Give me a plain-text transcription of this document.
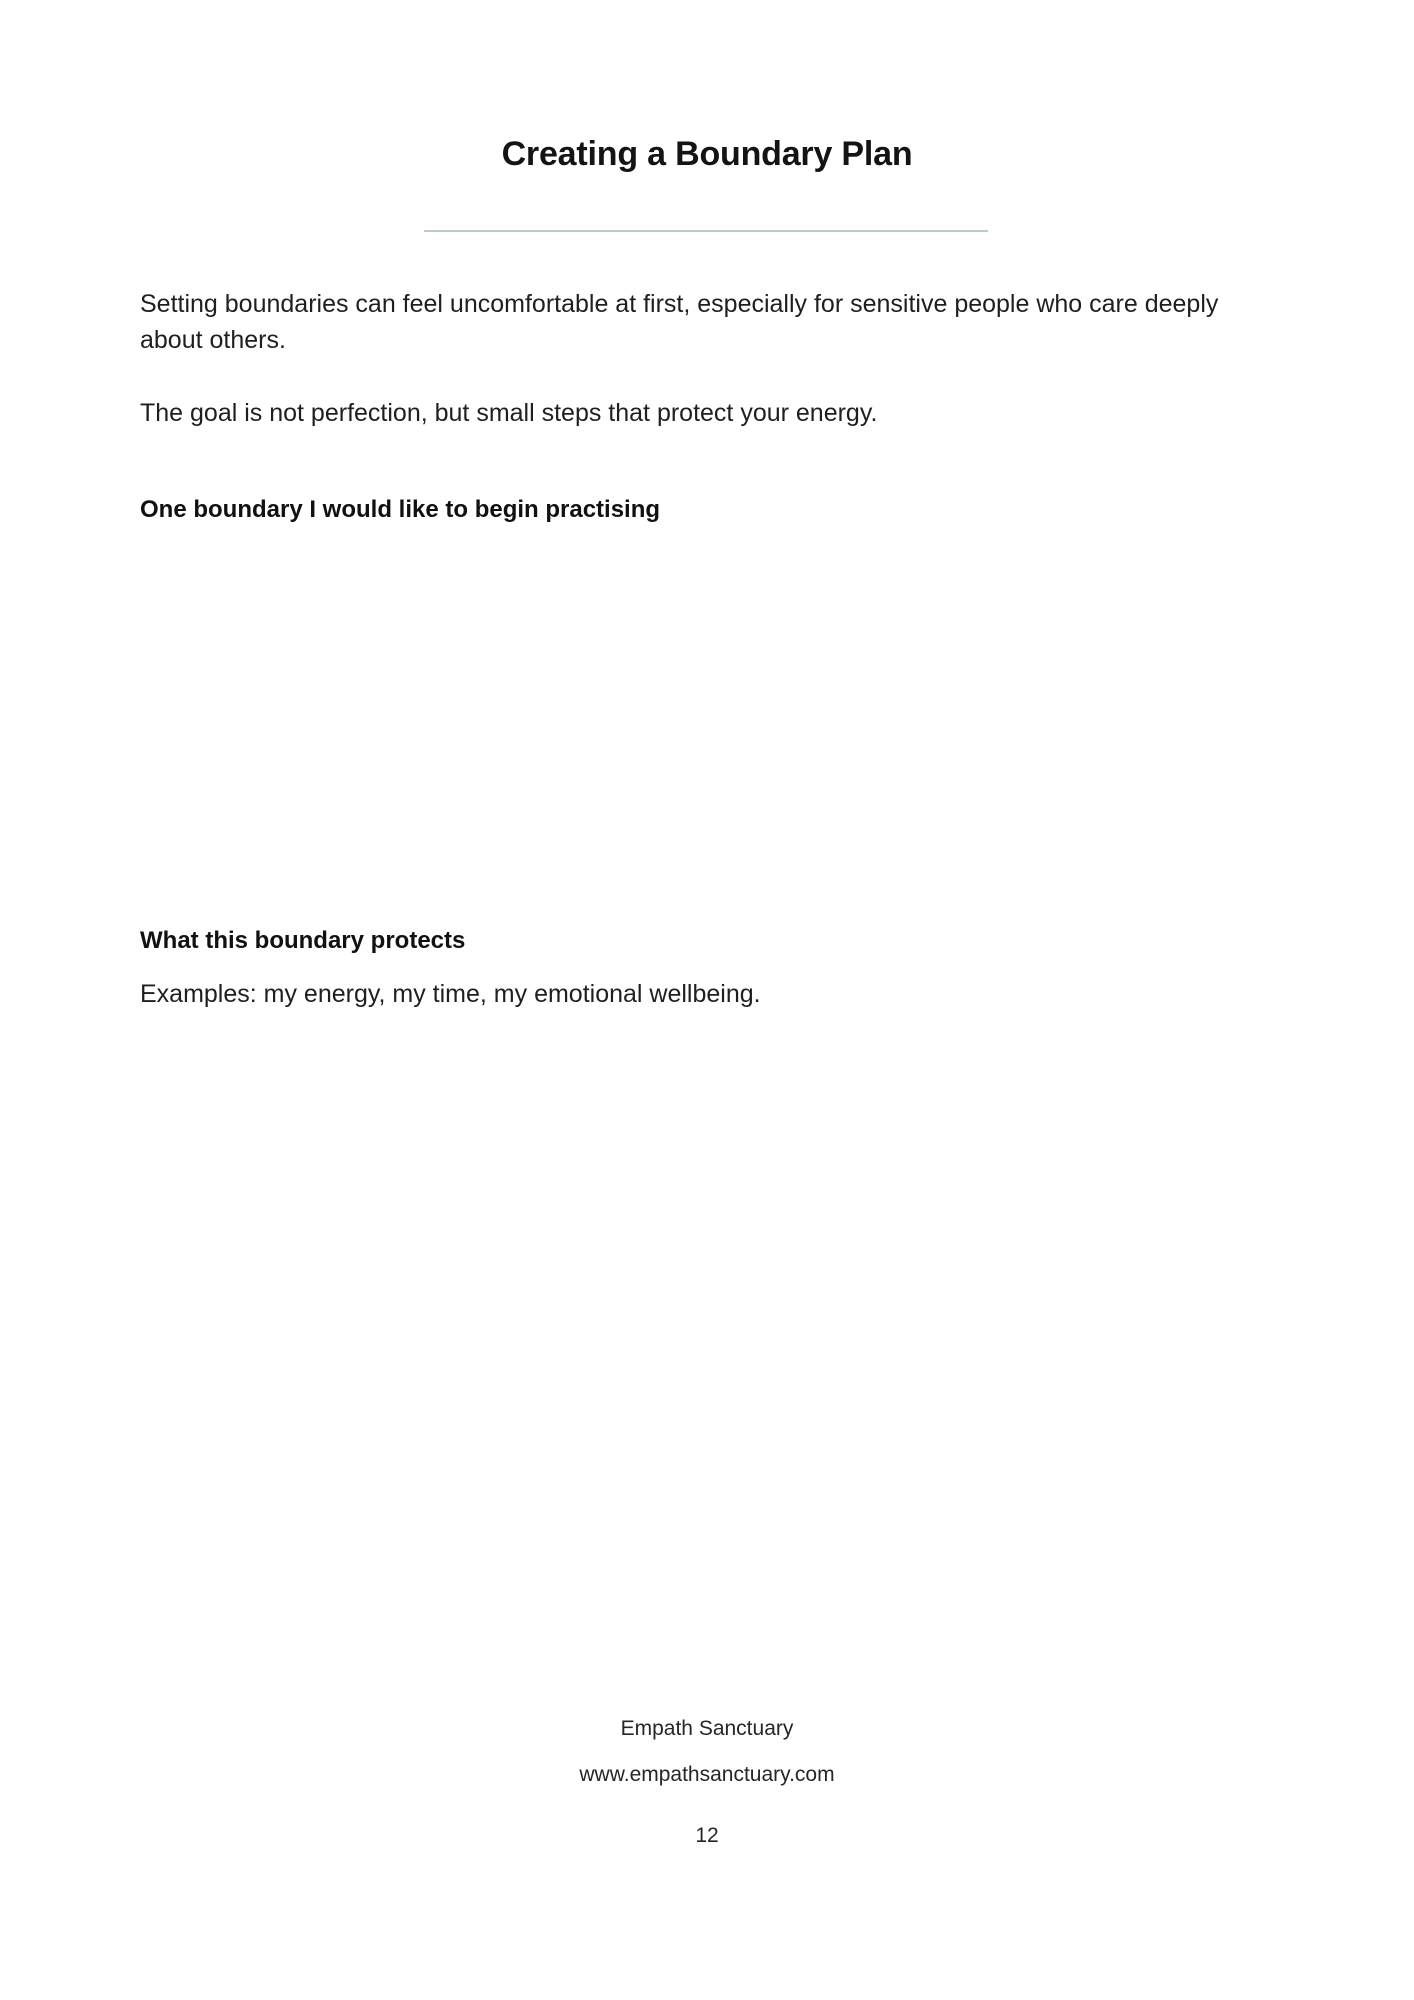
Creating a Boundary Plan

Setting boundaries can feel uncomfortable at first, especially for sensitive people who care deeply about others.

The goal is not perfection, but small steps that protect your energy.

One boundary I would like to begin practising
What this boundary protects

Examples: my energy, my time, my emotional wellbeing.

Empath Sanctuary

www.empathsanctuary.com

12
